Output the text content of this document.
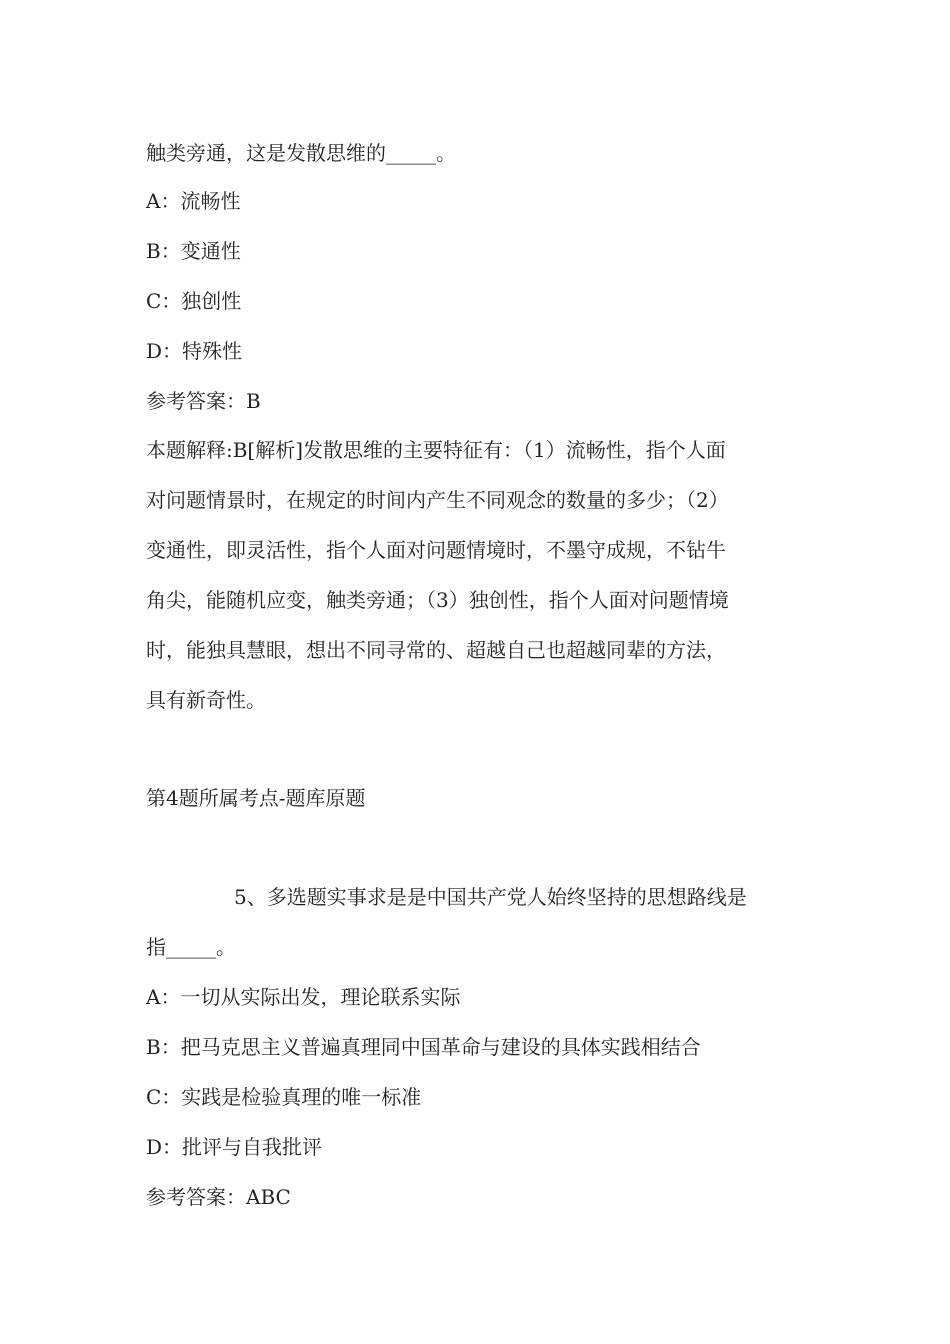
触类旁通，这是发散思维的_____。
A：流畅性
B：变通性
C：独创性
D：特殊性
参考答案：B
本题解释:B[解析]发散思维的主要特征有：（1）流畅性，指个人面
对问题情景时，在规定的时间内产生不同观念的数量的多少；（2）
变通性，即灵活性，指个人面对问题情境时，不墨守成规，不钻牛
角尖，能随机应变，触类旁通；（3）独创性，指个人面对问题情境
时，能独具慧眼，想出不同寻常的、超越自己也超越同辈的方法，
具有新奇性。
第4题所属考点-题库原题
5、多选题实事求是是中国共产党人始终坚持的思想路线是
指_____。
A：一切从实际出发，理论联系实际
B：把马克思主义普遍真理同中国革命与建设的具体实践相结合
C：实践是检验真理的唯一标准
D：批评与自我批评
参考答案：ABC
